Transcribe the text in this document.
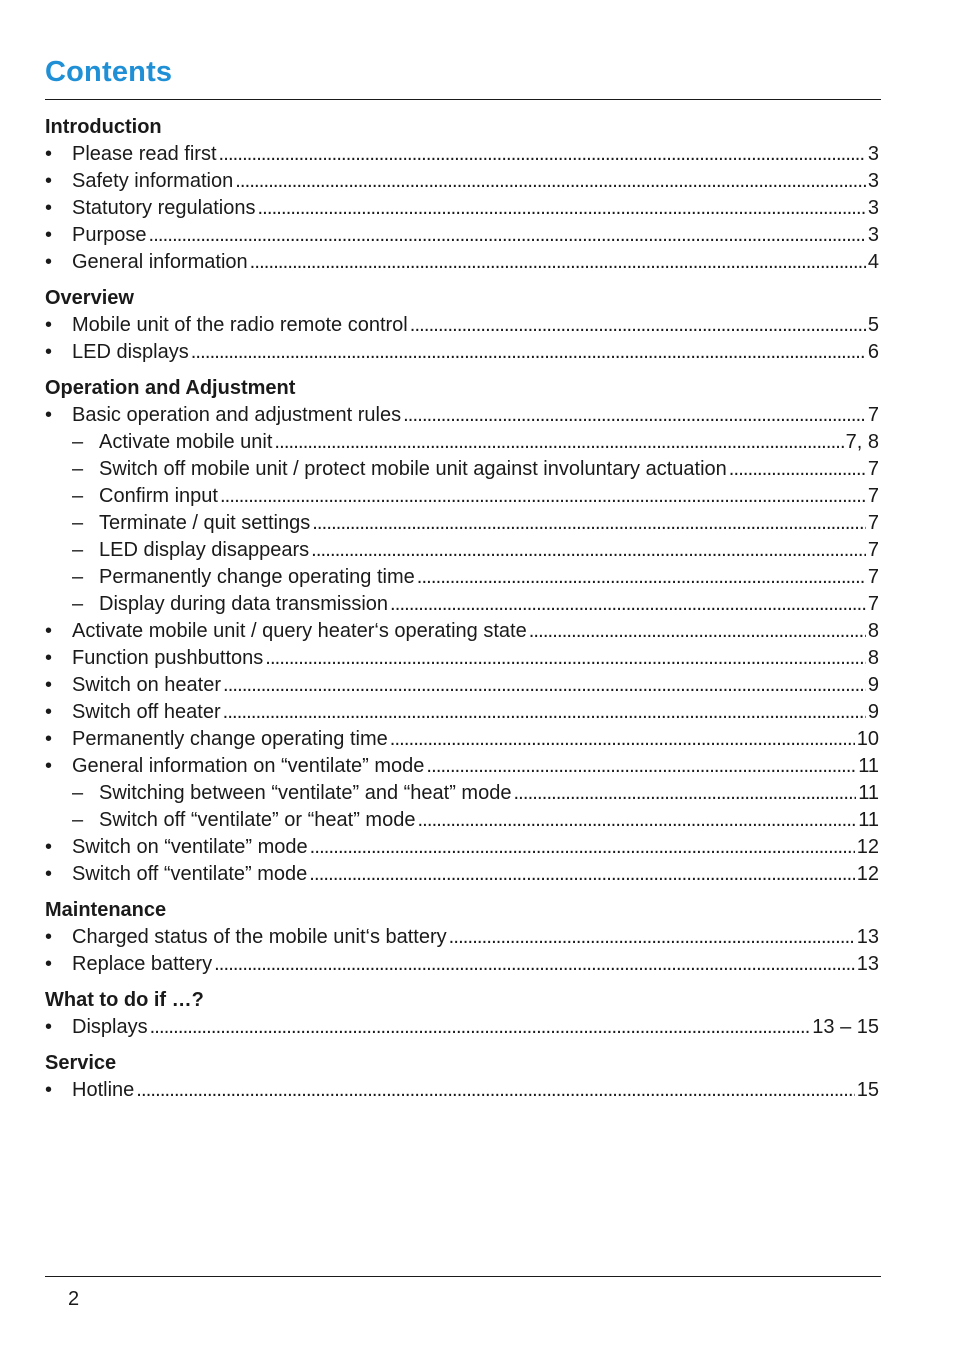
Contents
Introduction
• Please read first . . .	3
• Safety information . . .	3
• Statutory regulations . . .	3
• Purpose . . .	3
• General information . . .	4
Overview
• Mobile unit of the radio remote control . . .	5
• LED displays . . .	6
Operation and Adjustment
• Basic operation and adjustment rules . . .	7
– Activate mobile unit . . .	7, 8
– Switch off mobile unit / protect mobile unit against involuntary actuation . . .	7
– Confirm input . . .	7
– Terminate / quit settings . . .	7
– LED display disappears . . .	7
– Permanently change operating time . . .	7
– Display during data transmission . . .	7
• Activate mobile unit / query heater‘s operating state . . .	8
• Function pushbuttons . . .	8
• Switch on heater . . .	9
• Switch off heater . . .	9
• Permanently change operating time . . .	10
• General information on “ventilate” mode . . .	11
– Switching between “ventilate” and “heat” mode . . .	11
– Switch off “ventilate” or “heat” mode . . .	11
• Switch on “ventilate” mode . . .	12
• Switch off “ventilate” mode . . .	12
Maintenance
• Charged status of the mobile unit‘s battery . . .	13
• Replace battery . . .	13
What to do if …?
• Displays . . .	13 – 15
Service
• Hotline . . .	15
2
